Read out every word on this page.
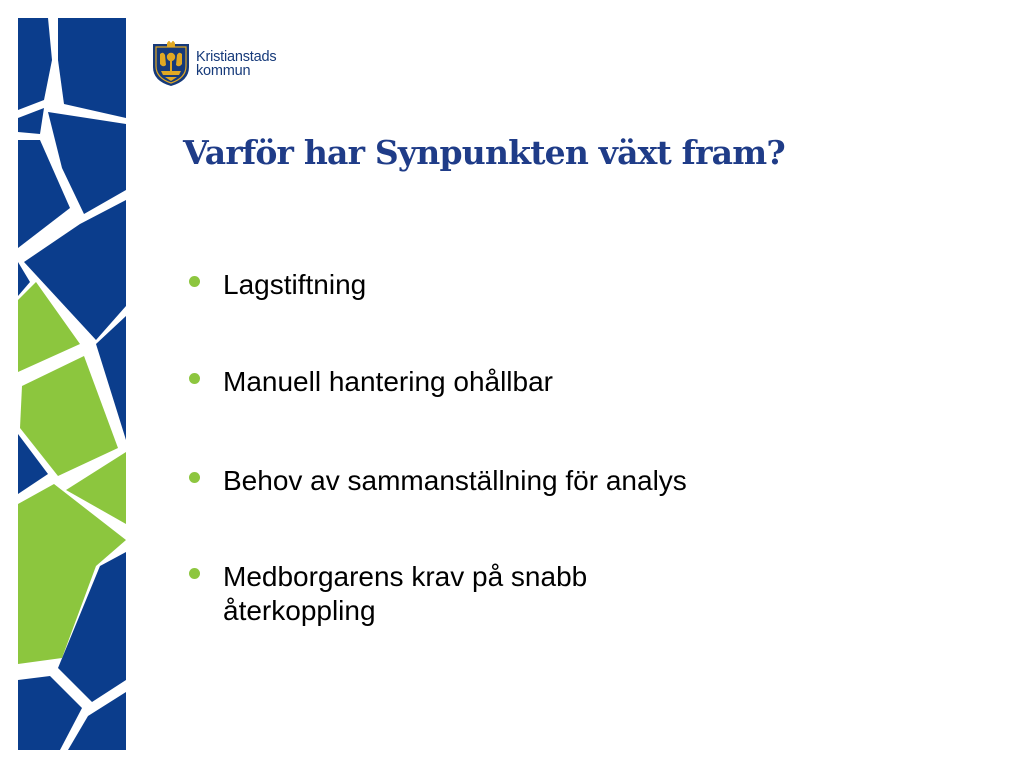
Kristianstads
kommun
Varför har Synpunkten växt fram?
Lagstiftning
Manuell hantering ohållbar
Behov av sammanställning för analys
Medborgarens krav på snabb återkoppling
